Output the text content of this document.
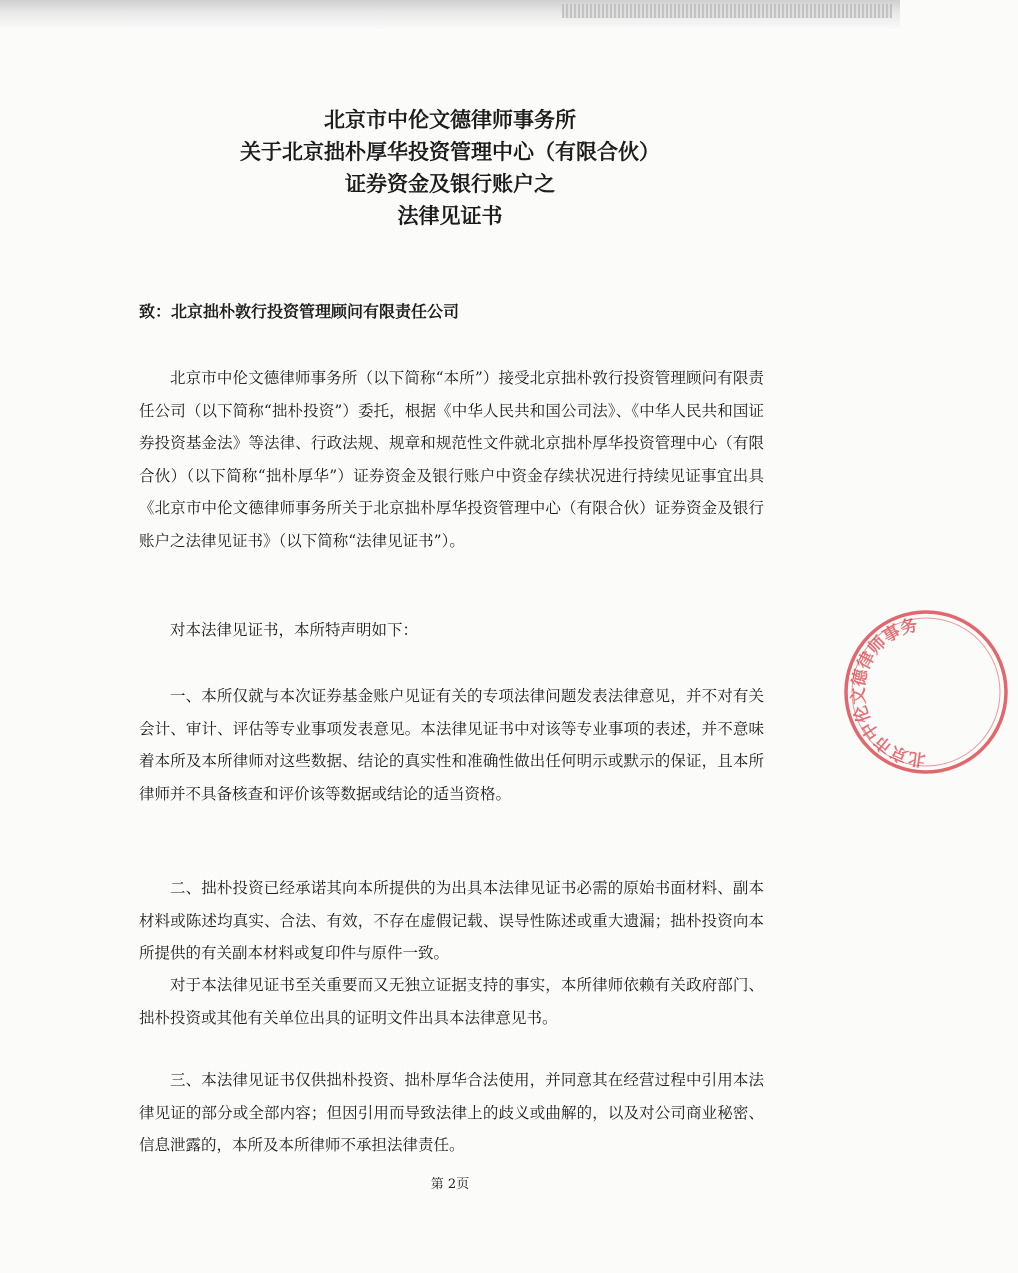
北京市中伦文德律师事务所
关于北京拙朴厚华投资管理中心（有限合伙）
证券资金及银行账户之
法律见证书
致：北京拙朴敦行投资管理顾问有限责任公司

北京市中伦文德律师事务所（以下简称“本所”）接受北京拙朴敦行投资管理顾问有限责任公司（以下简称“拙朴投资”）委托，根据《中华人民共和国公司法》、《中华人民共和国证券投资基金法》等法律、行政法规、规章和规范性文件就北京拙朴厚华投资管理中心（有限合伙）（以下简称“拙朴厚华”）证券资金及银行账户中资金存续状况进行持续见证事宜出具《北京市中伦文德律师事务所关于北京拙朴厚华投资管理中心（有限合伙）证券资金及银行账户之法律见证书》（以下简称“法律见证书”）。

对本法律见证书，本所特声明如下：

一、本所仅就与本次证券基金账户见证有关的专项法律问题发表法律意见，并不对有关会计、审计、评估等专业事项发表意见。本法律见证书中对该等专业事项的表述，并不意味着本所及本所律师对这些数据、结论的真实性和准确性做出任何明示或默示的保证，且本所律师并不具备核查和评价该等数据或结论的适当资格。

二、拙朴投资已经承诺其向本所提供的为出具本法律见证书必需的原始书面材料、副本材料或陈述均真实、合法、有效，不存在虚假记载、误导性陈述或重大遗漏；拙朴投资向本所提供的有关副本材料或复印件与原件一致。

对于本法律见证书至关重要而又无独立证据支持的事实，本所律师依赖有关政府部门、拙朴投资或其他有关单位出具的证明文件出具本法律意见书。

三、本法律见证书仅供拙朴投资、拙朴厚华合法使用，并同意其在经营过程中引用本法律见证的部分或全部内容；但因引用而导致法律上的歧义或曲解的，以及对公司商业秘密、信息泄露的，本所及本所律师不承担法律责任。

第 2页
北京市中伦文德律师事务
